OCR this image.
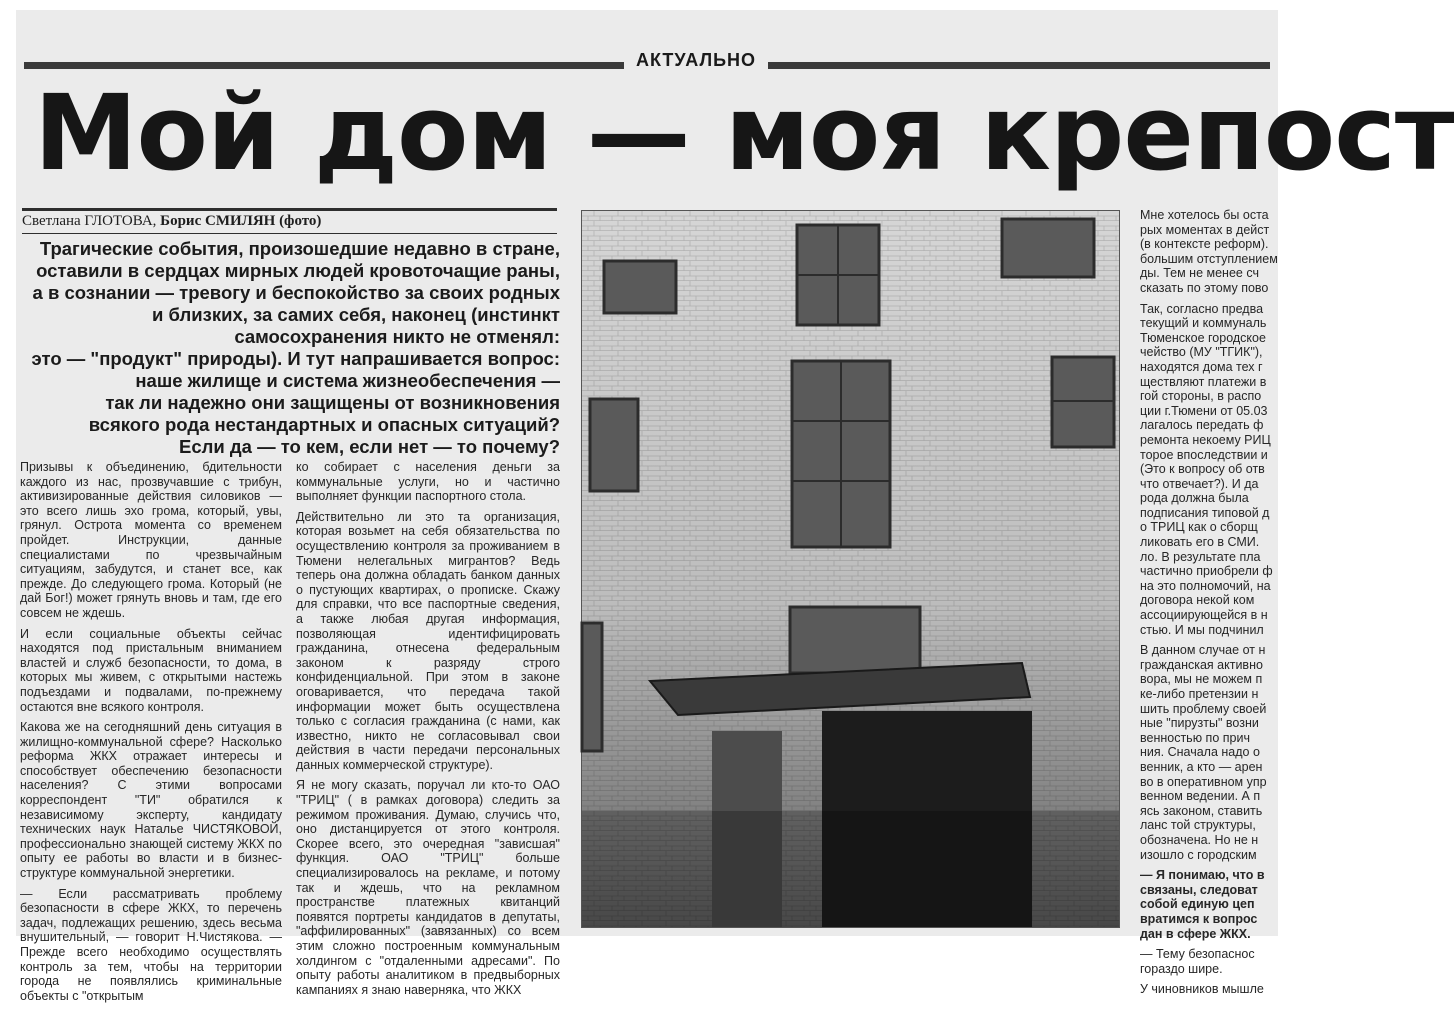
АКТУАЛЬНО
Мой дом — моя крепост
Светлана ГЛОТОВА, Борис СМИЛЯН (фото)

Трагические события, произошедшие недавно в стране,

оставили в сердцах мирных людей кровоточащие раны,

а в сознании — тревогу и беспокойство за своих родных

и близких, за самих себя, наконец (инстинкт

самосохранения никто не отменял:

это — "продукт" природы). И тут напрашивается вопрос:

наше жилище и система жизнеобеспечения —

так ли надежно они защищены от возникновения

всякого рода нестандартных и опасных ситуаций?

Если да — то кем, если нет — то почему?

Призывы к объединению, бдительности каждого из нас, прозвучавшие с трибун, активизированные действия силовиков — это всего лишь эхо грома, который, увы, грянул. Острота момента со временем пройдет. Инструкции, данные специалистами по чрезвычайным ситуациям, забудутся, и станет все, как прежде. До следующего грома. Который (не дай Бог!) может грянуть вновь и там, где его совсем не ждешь.

И если социальные объекты сейчас находятся под пристальным вниманием властей и служб безопасности, то дома, в которых мы живем, с открытыми настежь подъездами и подвалами, по-прежнему остаются вне всякого контроля.

Какова же на сегодняшний день ситуация в жилищно-коммунальной сфере? Насколько реформа ЖКХ отражает интересы и способствует обеспечению безопасности населения? С этими вопросами корреспондент "ТИ" обратился к независимому эксперту, кандидату технических наук Наталье ЧИСТЯКОВОЙ, профессионально знающей систему ЖКХ по опыту ее работы во власти и в бизнес-структуре коммунальной энергетики.

— Если рассматривать проблему безопасности в сфере ЖКХ, то перечень задач, подлежащих решению, здесь весьма внушительный, — говорит Н.Чистякова. — Прежде всего необходимо осуществлять контроль за тем, чтобы на территории города не появлялись криминальные объекты с "открытым

ко собирает с населения деньги за коммунальные услуги, но и частично выполняет функции паспортного стола.

Действительно ли это та организация, которая возьмет на себя обязательства по осуществлению контроля за проживанием в Тюмени нелегальных мигрантов? Ведь теперь она должна обладать банком данных о пустующих квартирах, о прописке. Скажу для справки, что все паспортные сведения, а также любая другая информация, позволяющая идентифицировать гражданина, отнесена федеральным законом к разряду строго конфиденциальной. При этом в законе оговаривается, что передача такой информации может быть осуществлена только с согласия гражданина (с нами, как известно, никто не согласовывал свои действия в части передачи персональных данных коммерческой структуре).

Я не могу сказать, поручал ли кто-то ОАО "ТРИЦ" ( в рамках договора) следить за режимом проживания. Думаю, случись что, оно дистанцируется от этого контроля. Скорее всего, это очередная "зависшая" функция. ОАО "ТРИЦ" больше специализировалось на рекламе, и потому так и ждешь, что на рекламном пространстве платежных квитанций появятся портреты кандидатов в депутаты, "аффилированных" (завязанных) со всем этим сложно построенным коммунальным холдингом с "отдаленными адресами". По опыту работы аналитиком в предвыборных кампаниях я знаю наверняка, что ЖКХ

Мне хотелось бы оста
рых моментах в дейст
(в контексте реформ).
большим отступлением
ды. Тем не менее сч
сказать по этому пово

Так, согласно предва
текущий и коммуналь
Тюменское городское
чейство (МУ "ТГИК"),
находятся дома тех г
ществляют платежи в
гой стороны, в распо
ции г.Тюмени от 05.03
лагалось передать ф
ремонта некоему РИЦ
торое впоследствии и
(Это к вопросу об отв
что отвечает?). И да
рода должна была
подписания типовой д
о ТРИЦ как о сборщ
ликовать его в СМИ.
ло. В результате пла
частично приобрели ф
на это полномочий, на
договора некой ком
ассоциирующейся в н
стью. И мы подчинил

В данном случае от н
гражданская активно
вора, мы не можем п
ке-либо претензии н
шить проблему своей
ные "пирузты" возни
венностью по прич
ния. Сначала надо о
венник, а кто — арен
во в оперативном упр
венном ведении. А п
ясь законом, ставить
ланс той структуры,
обозначена. Но не н
изошло с городским

— Я понимаю, что в
связаны, следоват
собой единую цеп
вратимся к вопрос
дан в сфере ЖКХ.

— Тему безопаснос
гораздо шире.

У чиновников мышле
